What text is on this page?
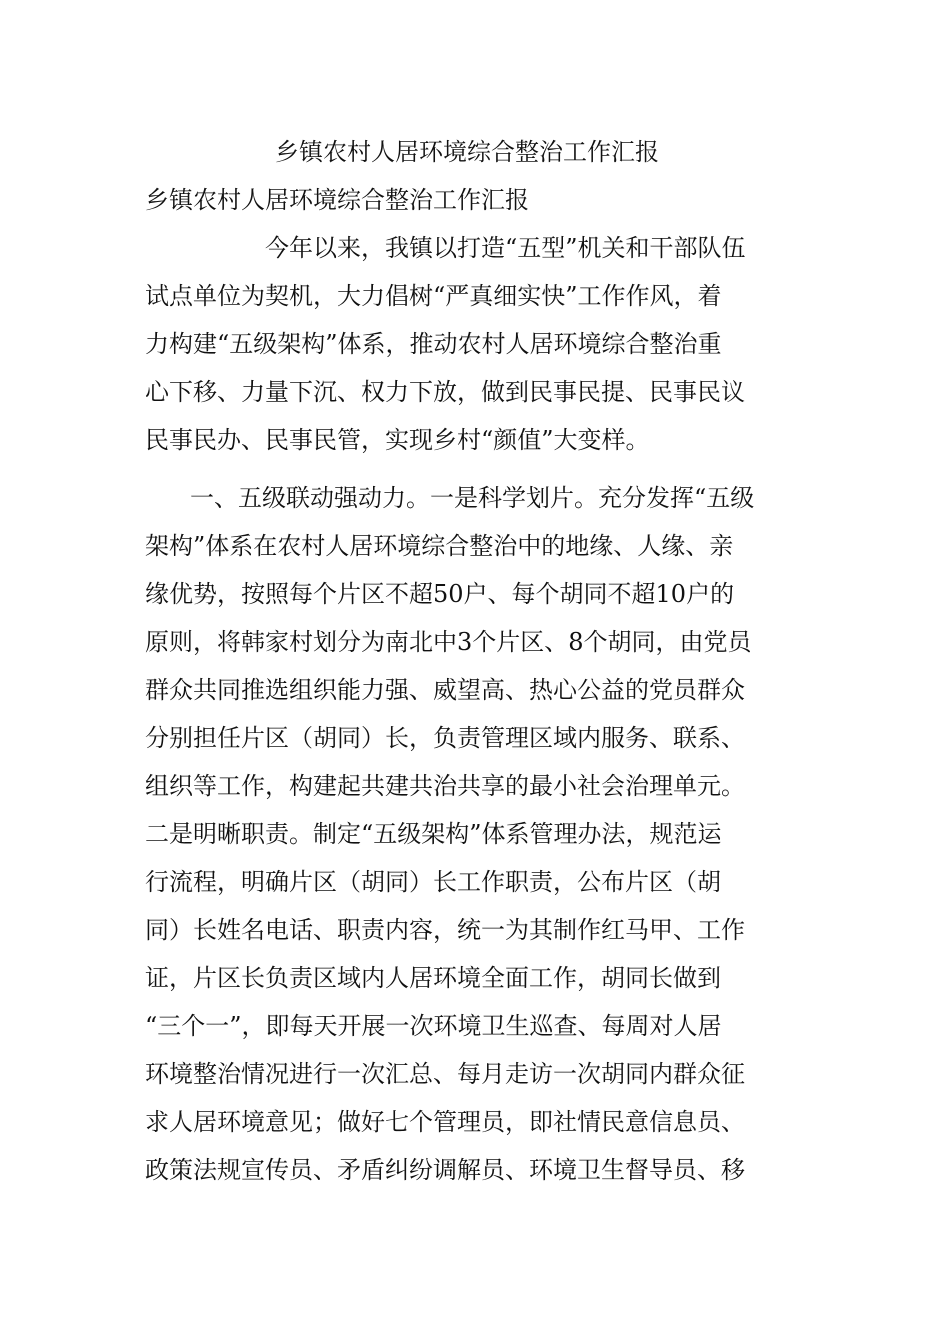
乡镇农村人居环境综合整治工作汇报
乡镇农村人居环境综合整治工作汇报
今年以来，我镇以打造“五型”机关和干部队伍
试点单位为契机，大力倡树“严真细实快”工作作风，着
力构建“五级架构”体系，推动农村人居环境综合整治重
心下移、力量下沉、权力下放，做到民事民提、民事民议
民事民办、民事民管，实现乡村“颜值”大变样。
一、五级联动强动力。一是科学划片。充分发挥“五级
架构”体系在农村人居环境综合整治中的地缘、人缘、亲
缘优势，按照每个片区不超50户、每个胡同不超10户的
原则，将韩家村划分为南北中3个片区、8个胡同，由党员
群众共同推选组织能力强、威望高、热心公益的党员群众
分别担任片区（胡同）长，负责管理区域内服务、联系、
组织等工作，构建起共建共治共享的最小社会治理单元。
二是明晰职责。制定“五级架构”体系管理办法，规范运
行流程，明确片区（胡同）长工作职责，公布片区（胡
同）长姓名电话、职责内容，统一为其制作红马甲、工作
证，片区长负责区域内人居环境全面工作，胡同长做到
“三个一”，即每天开展一次环境卫生巡查、每周对人居
环境整治情况进行一次汇总、每月走访一次胡同内群众征
求人居环境意见；做好七个管理员，即社情民意信息员、
政策法规宣传员、矛盾纠纷调解员、环境卫生督导员、移
